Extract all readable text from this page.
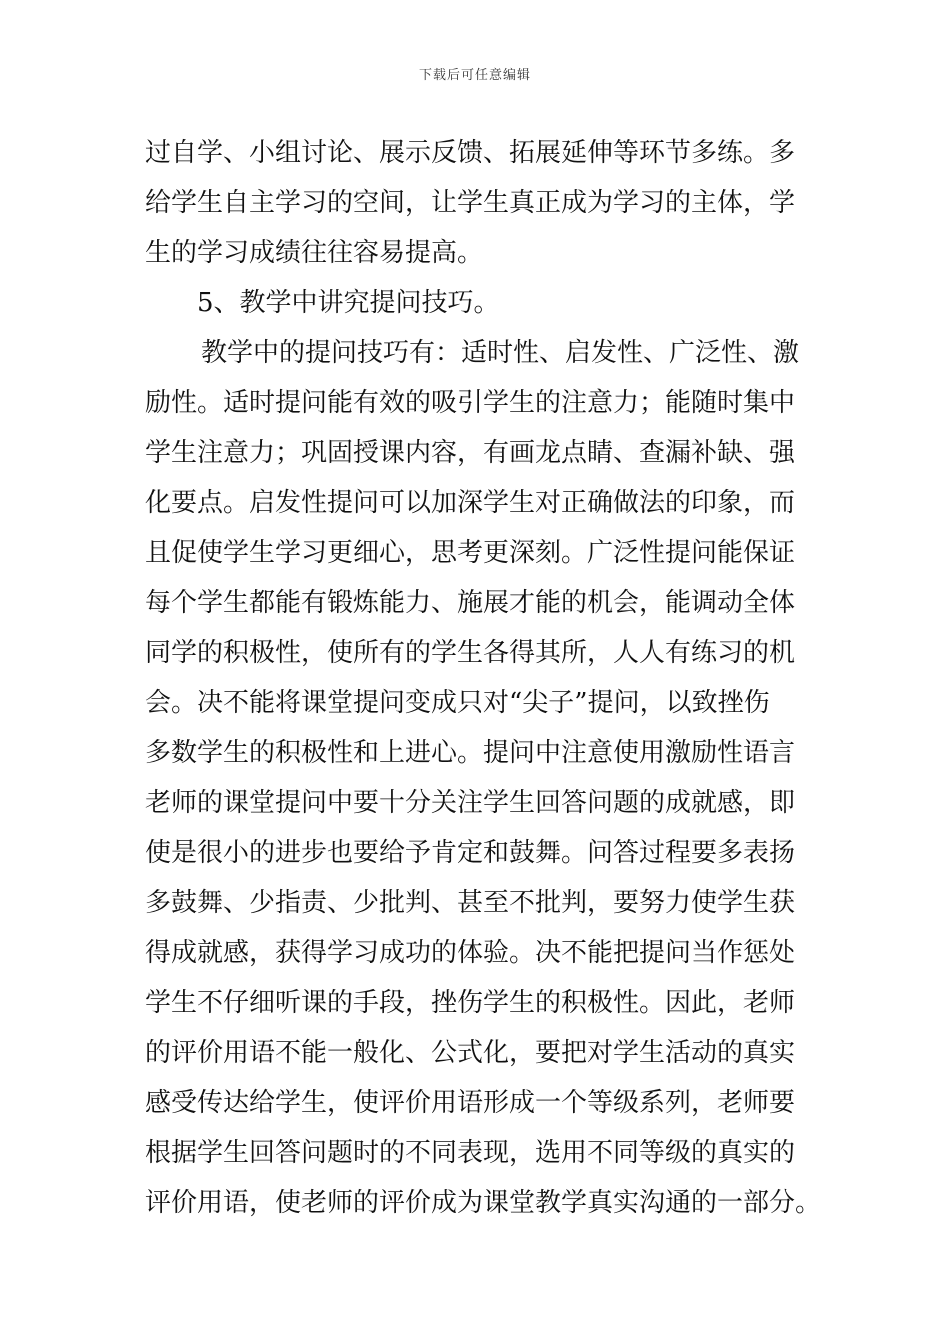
下载后可任意编辑
过自学、小组讨论、展示反馈、拓展延伸等环节多练。多
给学生自主学习的空间，让学生真正成为学习的主体，学
生的学习成绩往往容易提高。
5、教学中讲究提问技巧。
教学中的提问技巧有：适时性、启发性、广泛性、激
励性。适时提问能有效的吸引学生的注意力；能随时集中
学生注意力；巩固授课内容，有画龙点睛、查漏补缺、强
化要点。启发性提问可以加深学生对正确做法的印象，而
且促使学生学习更细心，思考更深刻。广泛性提问能保证
每个学生都能有锻炼能力、施展才能的机会，能调动全体
同学的积极性，使所有的学生各得其所，人人有练习的机
会。决不能将课堂提问变成只对“尖子”提问，以致挫伤
多数学生的积极性和上进心。提问中注意使用激励性语言
老师的课堂提问中要十分关注学生回答问题的成就感，即
使是很小的进步也要给予肯定和鼓舞。问答过程要多表扬
多鼓舞、少指责、少批判、甚至不批判，要努力使学生获
得成就感，获得学习成功的体验。决不能把提问当作惩处
学生不仔细听课的手段，挫伤学生的积极性。因此，老师
的评价用语不能一般化、公式化，要把对学生活动的真实
感受传达给学生，使评价用语形成一个等级系列，老师要
根据学生回答问题时的不同表现，选用不同等级的真实的
评价用语，使老师的评价成为课堂教学真实沟通的一部分。
